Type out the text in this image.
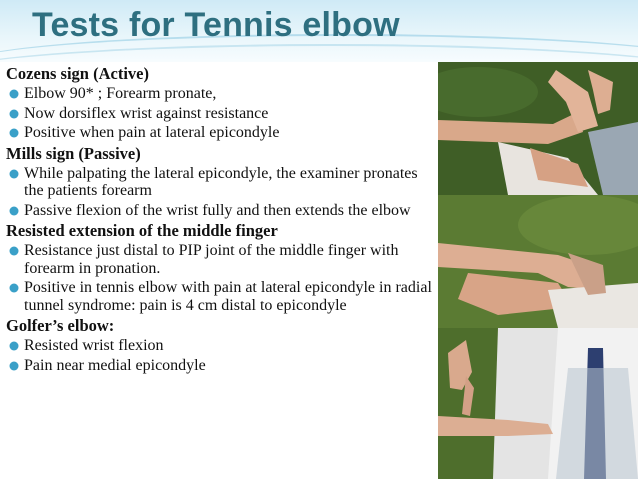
Tests for Tennis elbow
Cozens sign (Active)
Elbow 90* ; Forearm pronate,
Now dorsiflex wrist against resistance
Positive when pain at lateral epicondyle
Mills sign (Passive)
While palpating the lateral epicondyle, the examiner pronates the patients forearm
Passive flexion of the wrist fully and then extends the elbow
Resisted extension of the middle finger
Resistance just distal to PIP joint of the middle finger with forearm in pronation.
Positive in tennis elbow with pain at lateral epicondyle in radial tunnel syndrome: pain is 4 cm distal to epicondyle
Golfer’s elbow:
Resisted wrist flexion
Pain near medial epicondyle
